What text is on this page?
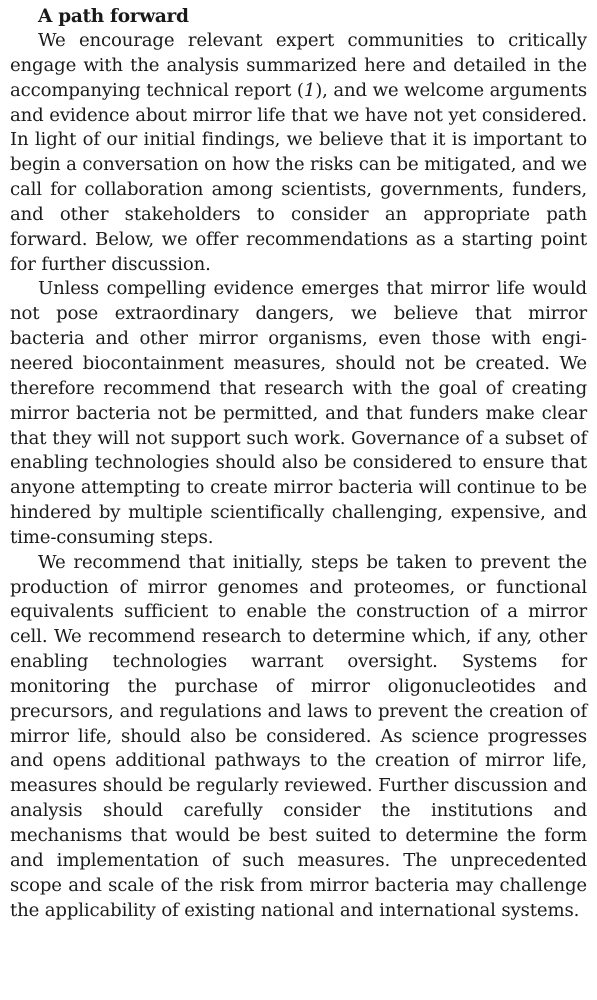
A path forward

We encourage relevant expert communities to critically engage with the analysis summarized here and detailed in the accompanying technical report (1), and we welcome arguments and evidence about mirror life that we have not yet considered. In light of our initial findings, we believe that it is important to begin a conversation on how the risks can be mitigated, and we call for collaboration among scientists, governments, funders, and other stakeholders to consider an appropriate path forward. Below, we offer recommendations as a starting point for further discussion.

Unless compelling evidence emerges that mirror life would not pose extraordinary dangers, we believe that mirror bacteria and other mirror organisms, even those with engineered biocontainment measures, should not be created. We therefore recommend that research with the goal of creating mirror bacteria not be permitted, and that funders make clear that they will not support such work. Governance of a subset of enabling technologies should also be considered to ensure that anyone attempting to create mirror bacteria will continue to be hindered by multiple scientifically challenging, expensive, and time-consuming steps.

We recommend that initially, steps be taken to prevent the production of mirror genomes and proteomes, or functional equivalents sufficient to enable the construction of a mirror cell. We recommend research to determine which, if any, other enabling technologies warrant oversight. Systems for monitoring the purchase of mirror oligonucleotides and precursors, and regulations and laws to prevent the creation of mirror life, should also be considered. As science progresses and opens additional pathways to the creation of mirror life, measures should be regularly reviewed. Further discussion and analysis should carefully consider the institutions and mechanisms that would be best suited to determine the form and implementation of such measures. The unprecedented scope and scale of the risk from mirror bacteria may challenge the applicability of existing national and international systems.
